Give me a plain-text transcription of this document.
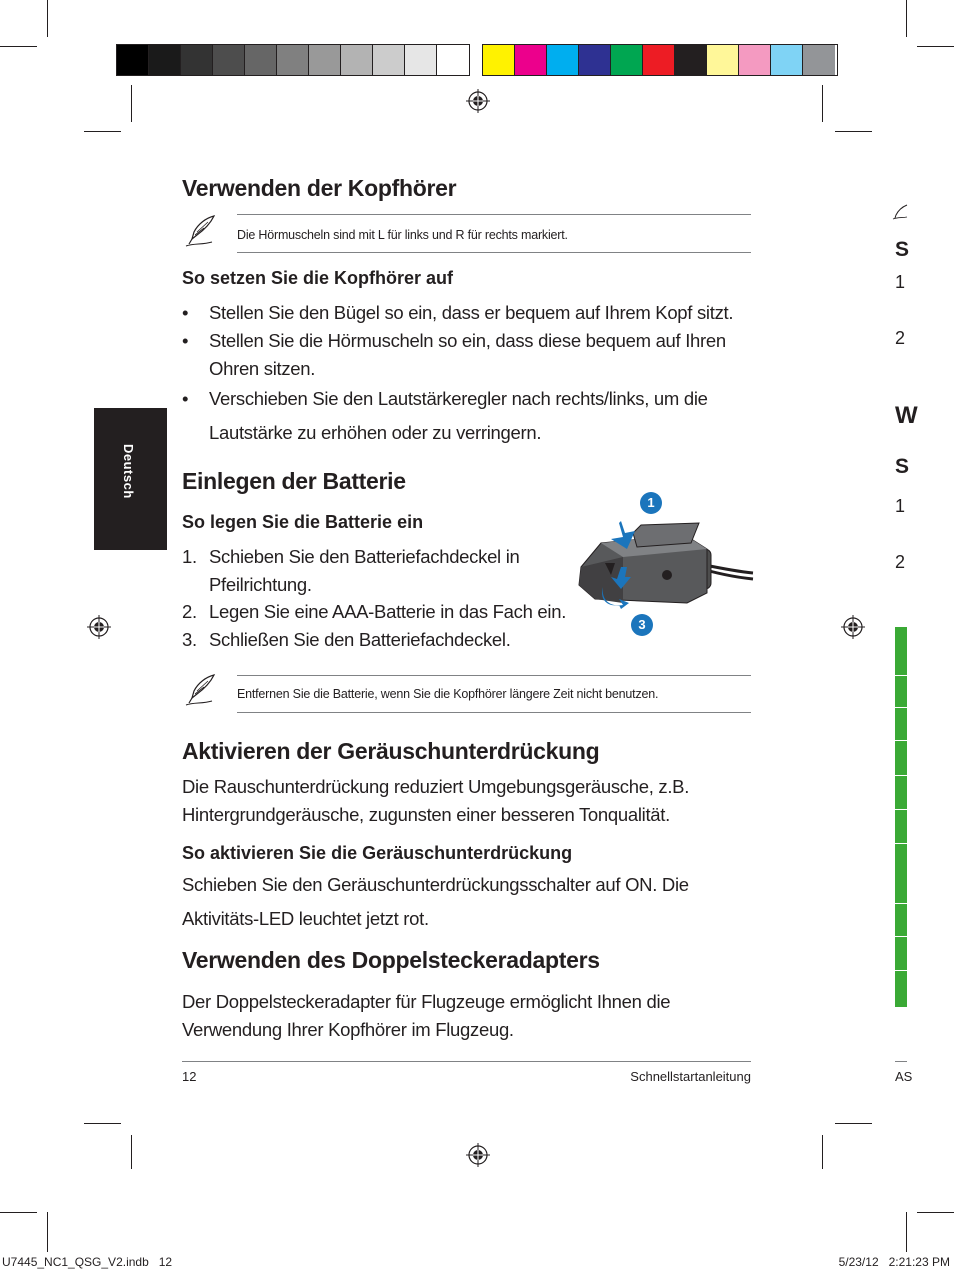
Deutsch
Verwenden der Kopfhörer
Die Hörmuscheln sind mit L für links und R für rechts markiert.
So setzen Sie die Kopfhörer auf
•	Stellen Sie den Bügel so ein, dass er bequem auf Ihrem Kopf sitzt.
•	Stellen Sie die Hörmuscheln so ein, dass diese bequem auf Ihren Ohren sitzen.
•	Verschieben Sie den Lautstärkeregler nach rechts/links, um die Lautstärke zu erhöhen oder zu verringern.
Einlegen der Batterie
So legen Sie die Batterie ein
1. Schieben Sie den Batteriefachdeckel in Pfeilrichtung.
2. Legen Sie eine AAA-Batterie in das Fach ein.
3. Schließen Sie den Batteriefachdeckel.
1
3
Entfernen Sie die Batterie, wenn Sie die Kopfhörer längere Zeit nicht benutzen.
Aktivieren der Geräuschunterdrückung
Die Rauschunterdrückung reduziert Umgebungsgeräusche, z.B. Hintergrundgeräusche, zugunsten einer besseren Tonqualität.
So aktivieren Sie die Geräuschunterdrückung
Schieben Sie den Geräuschunterdrückungsschalter auf ON. Die Aktivitäts-LED leuchtet jetzt rot.
Verwenden des Doppelsteckeradapters
Der Doppelsteckeradapter für Flugzeuge ermöglicht Ihnen die Verwendung Ihrer Kopfhörer im Flugzeug.
12	Schnellstartanleitung
U7445_NC1_QSG_V2.indb   12	5/23/12   2:21:23 PM
S
1
2
W
S
1
2
AS
